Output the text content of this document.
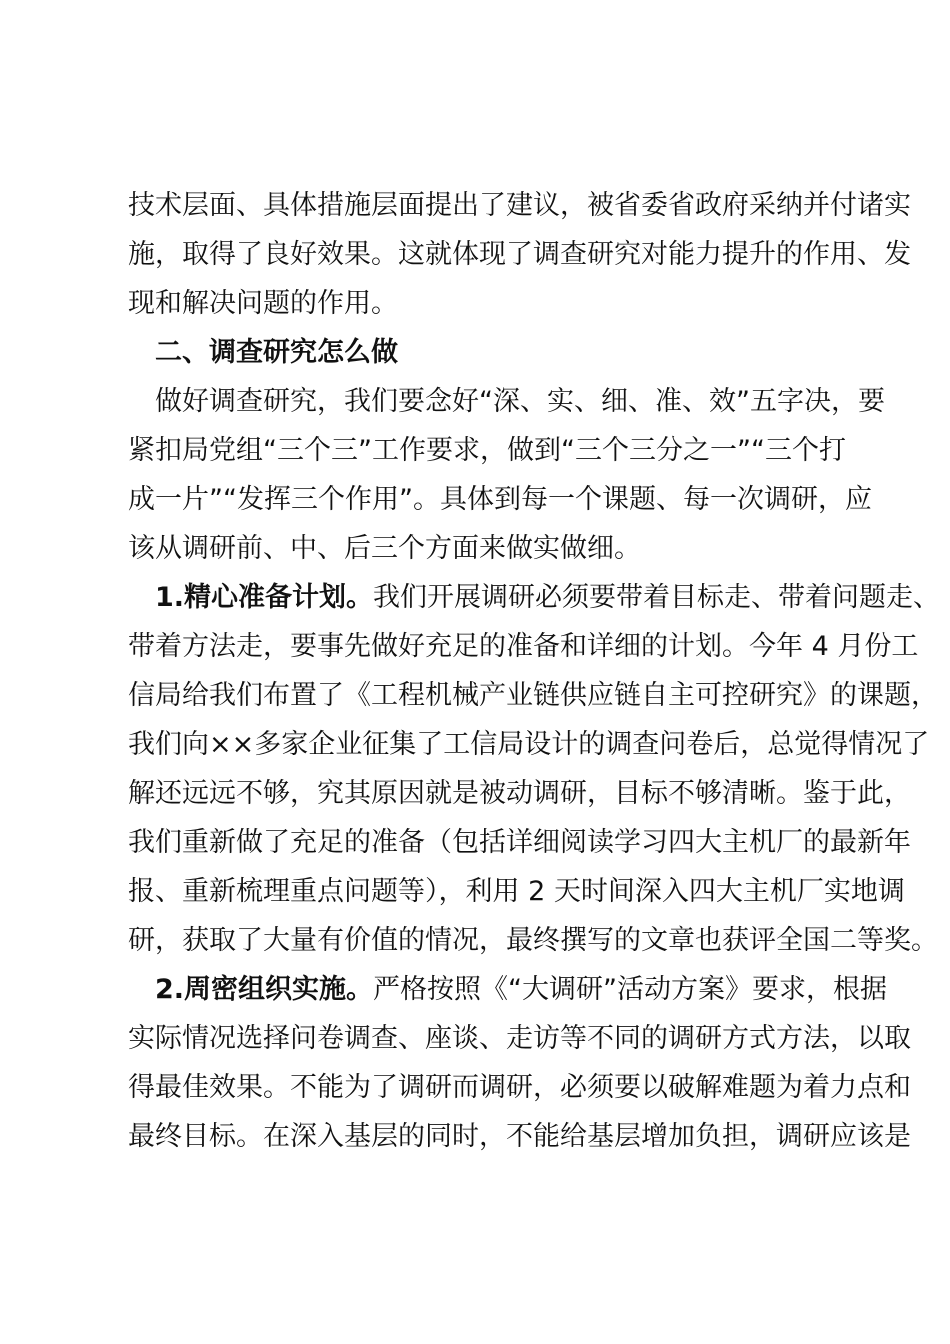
技术层面、具体措施层面提出了建议，被省委省政府采纳并付诸实
施，取得了良好效果。这就体现了调查研究对能力提升的作用、发
现和解决问题的作用。
二、调查研究怎么做
做好调查研究，我们要念好“深、实、细、准、效”五字决，要
紧扣局党组“三个三”工作要求，做到“三个三分之一”“三个打
成一片”“发挥三个作用”。具体到每一个课题、每一次调研，应
该从调研前、中、后三个方面来做实做细。
1.精心准备计划。我们开展调研必须要带着目标走、带着问题走、
带着方法走，要事先做好充足的准备和详细的计划。今年 4 月份工
信局给我们布置了《工程机械产业链供应链自主可控研究》的课题，
我们向××多家企业征集了工信局设计的调查问卷后，总觉得情况了
解还远远不够，究其原因就是被动调研，目标不够清晰。鉴于此，
我们重新做了充足的准备（包括详细阅读学习四大主机厂的最新年
报、重新梳理重点问题等），利用 2 天时间深入四大主机厂实地调
研，获取了大量有价值的情况，最终撰写的文章也获评全国二等奖。
2.周密组织实施。严格按照《“大调研”活动方案》要求，根据
实际情况选择问卷调查、座谈、走访等不同的调研方式方法，以取
得最佳效果。不能为了调研而调研，必须要以破解难题为着力点和
最终目标。在深入基层的同时，不能给基层增加负担，调研应该是
